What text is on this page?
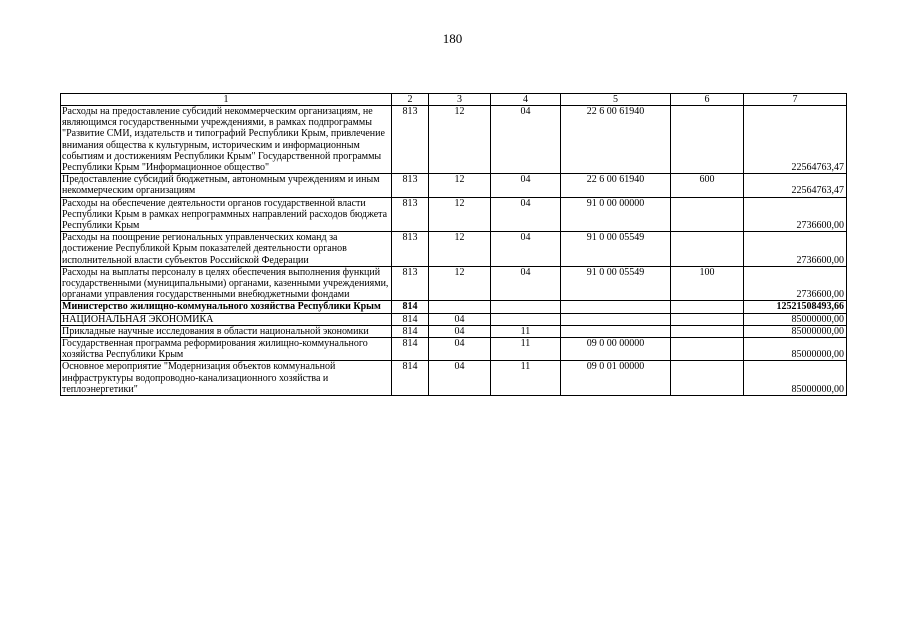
180
1	2	3	4	5	6	7
Расходы на предоставление субсидий некоммерческим организациям, не являющимся государственными учреждениями, в рамках подпрограммы "Развитие СМИ, издательств и типографий Республики Крым, привлечение внимания общества к культурным, историческим и информационным событиям и достижениям Республики Крым" Государственной программы Республики Крым "Информационное общество"	813	12	04	22 6 00 61940		22564763,47
Предоставление субсидий бюджетным, автономным учреждениям и иным некоммерческим организациям	813	12	04	22 6 00 61940	600	22564763,47
Расходы на обеспечение деятельности органов государственной власти Республики Крым в рамках непрограммных направлений расходов бюджета Республики Крым	813	12	04	91 0 00 00000		2736600,00
Расходы на поощрение региональных управленческих команд за достижение Республикой Крым показателей деятельности органов исполнительной власти субъектов Российской Федерации	813	12	04	91 0 00 05549		2736600,00
Расходы на выплаты персоналу в целях обеспечения выполнения функций государственными (муниципальными) органами, казенными учреждениями, органами управления государственными внебюджетными фондами	813	12	04	91 0 00 05549	100	2736600,00
Министерство жилищно-коммунального хозяйства Республики Крым	814					12521508493,66
НАЦИОНАЛЬНАЯ ЭКОНОМИКА	814	04				85000000,00
Прикладные научные исследования в области национальной экономики	814	04	11			85000000,00
Государственная программа реформирования жилищно-коммунального хозяйства Республики Крым	814	04	11	09 0 00 00000		85000000,00
Основное мероприятие "Модернизация объектов коммунальной инфраструктуры водопроводно-канализационного хозяйства и теплоэнергетики"	814	04	11	09 0 01 00000		85000000,00
